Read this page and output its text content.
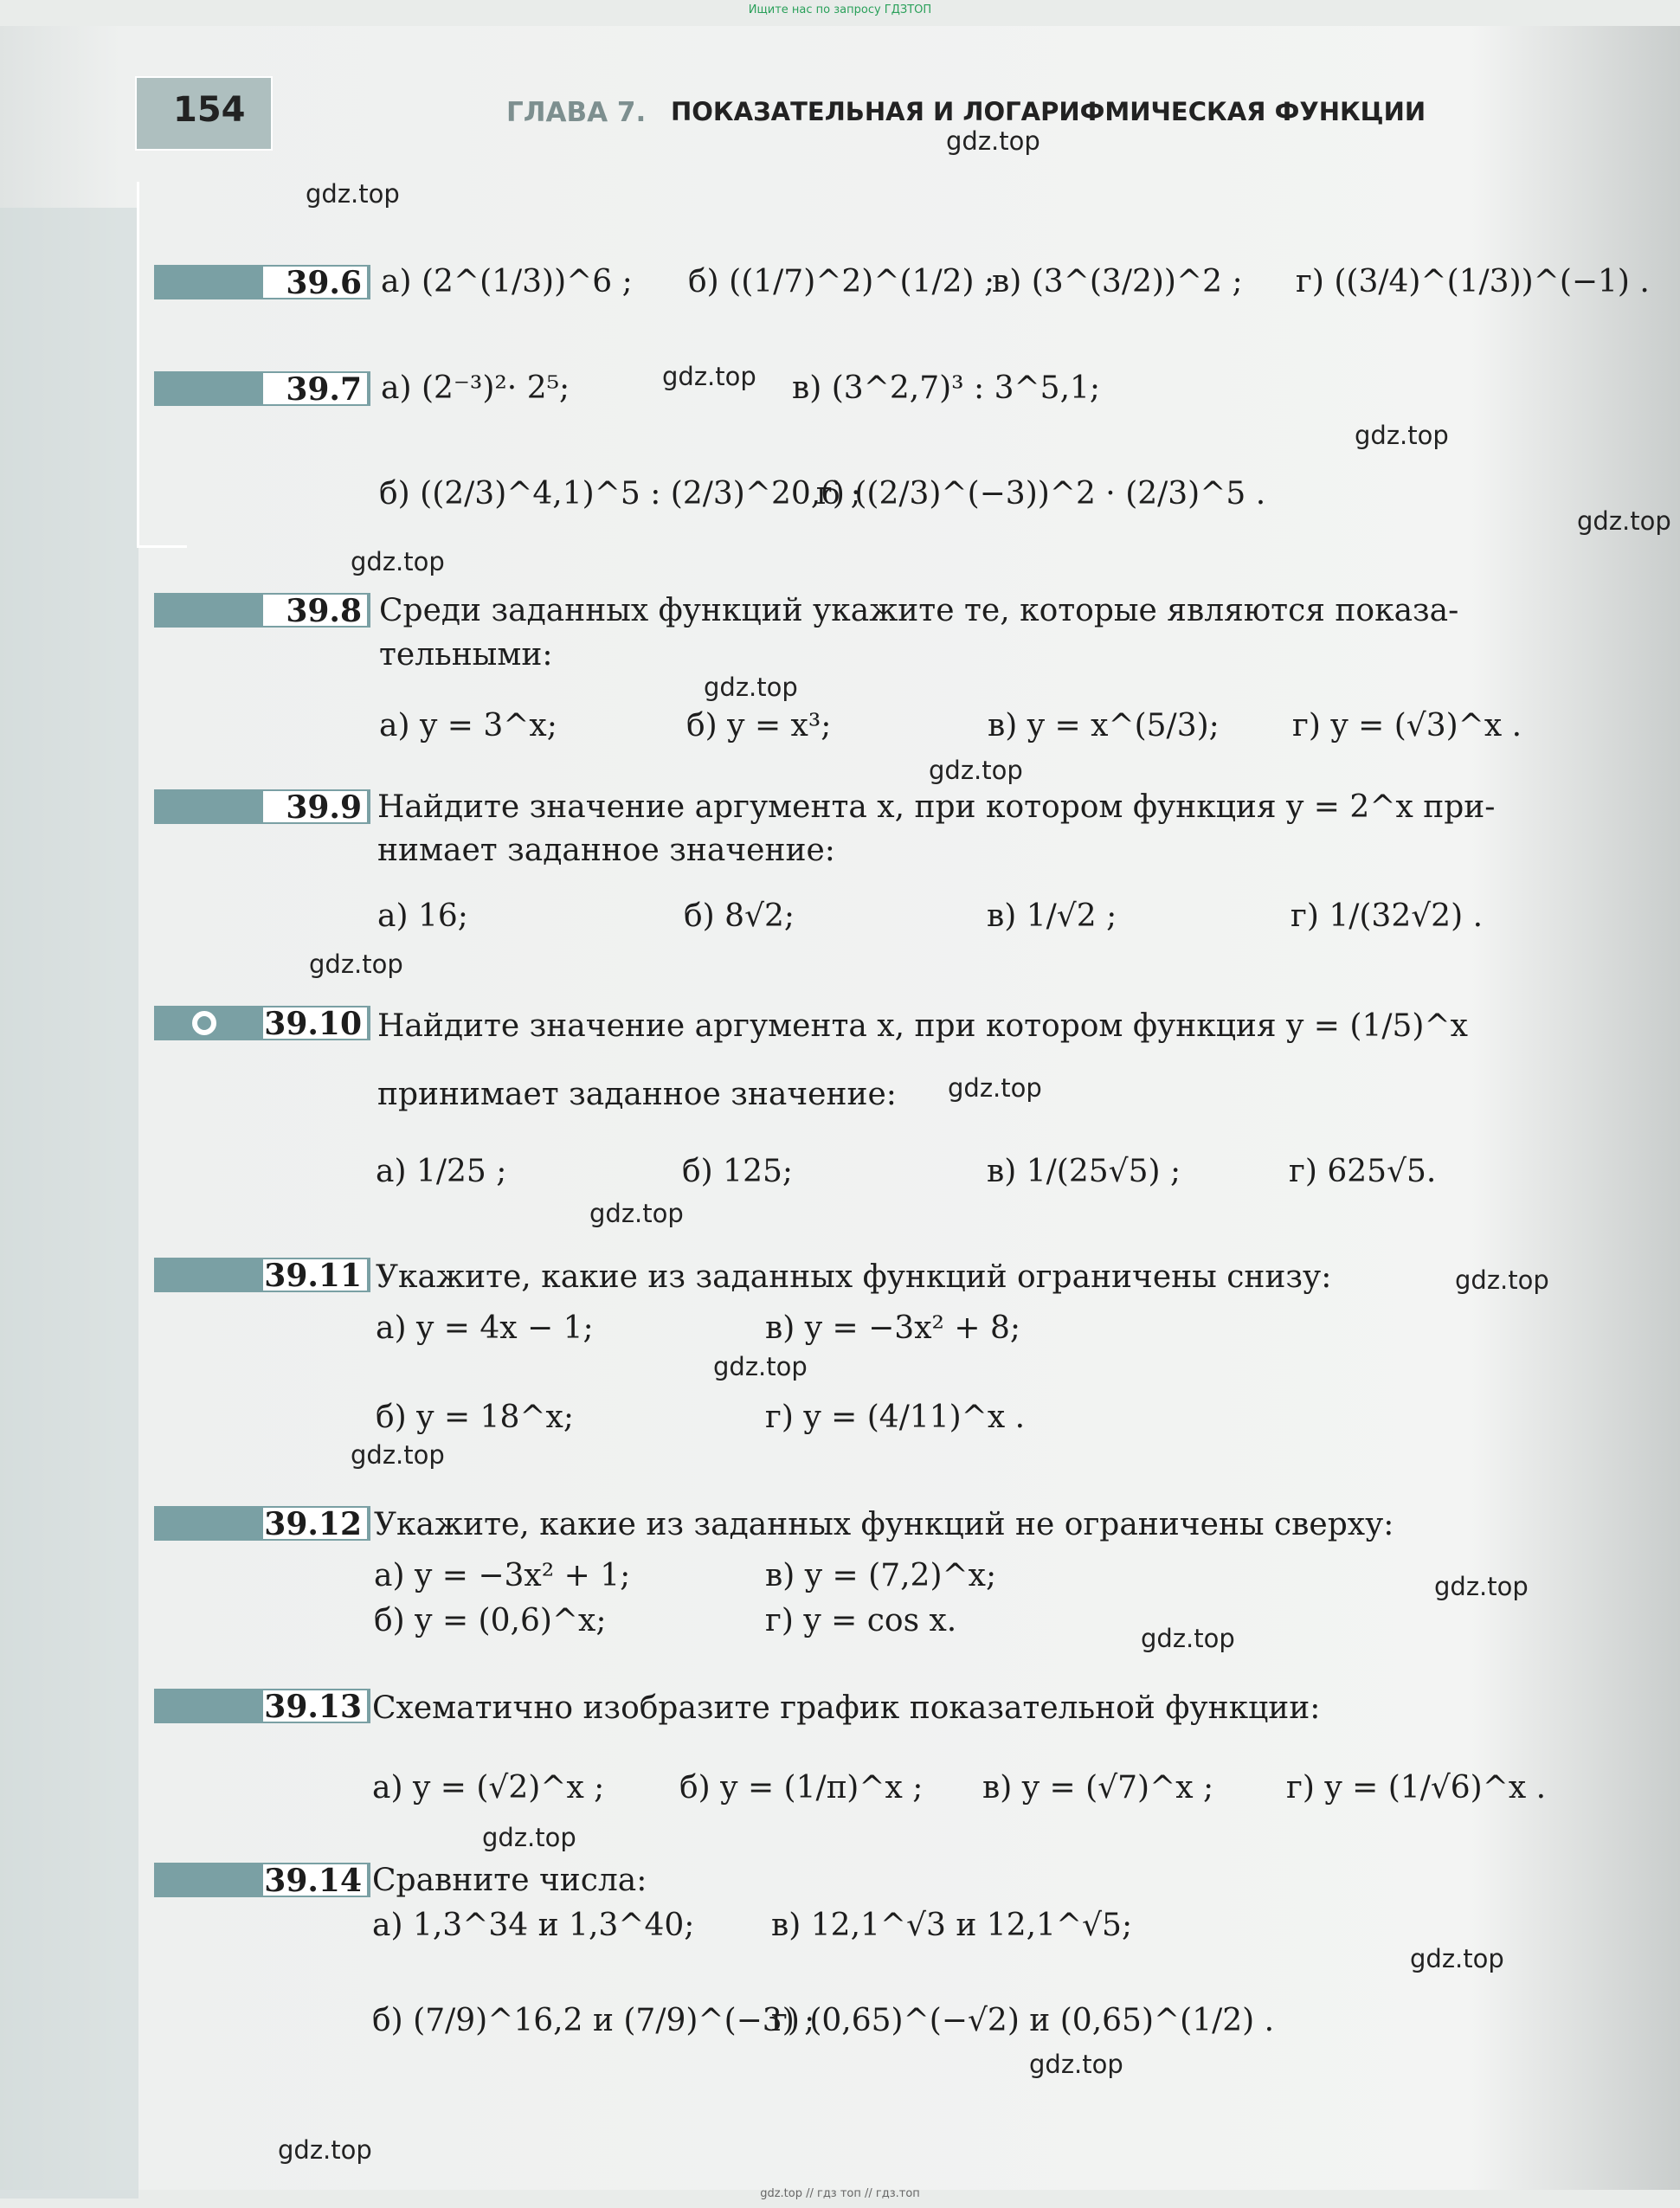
Ищите нас по запросу ГДЗТОП
154	ГЛАВА 7. ПОКАЗАТЕЛЬНАЯ И ЛОГАРИФМИЧЕСКАЯ ФУНКЦИИ
gdz.top
gdz.top
gdz.top
gdz.top
gdz.top
gdz.top
gdz.top
gdz.top
gdz.top
gdz.top
gdz.top
gdz.top
gdz.top
gdz.top
gdz.top
gdz.top
gdz.top
gdz.top
gdz.top
gdz.top
39.6 а) (2^(1/3))^6 ; б) ((1/7)^2)^(1/2) ;
в) (3^(3/2))^2 ; г) ((3/4)^(1/3))^(−1) .
39.7 а) (2⁻³)²· 2⁵;	в) (3^2,7)³ : 3^5,1;
б) ((2/3)^4,1)^5 : (2/3)^20,6 ;
г) ((2/3)^(−3))^2 · (2/3)^5 .
39.8 Среди заданных функций укажите те, которые являются показа-
тельными:
а) y = 3^x;	б) y = x³;	в) y = x^(5/3); г) y = (√3)^x .
39.9 Найдите значение аргумента x, при котором функция y = 2^x при-
нимает заданное значение:
а) 16;	б) 8√2;	в) 1/√2 ;	г) 1/(32√2) .
39.10 Найдите значение аргумента x, при котором функция y = (1/5)^x
принимает заданное значение:
а) 1/25 ;	б) 125;	в) 1/(25√5) ;	г) 625√5.
39.11 Укажите, какие из заданных функций ограничены снизу:
а) y = 4x − 1;	в) y = −3x² + 8;
б) y = 18^x;	г) y = (4/11)^x .
39.12 Укажите, какие из заданных функций не ограничены сверху:
а) y = −3x² + 1;	в) y = (7,2)^x;
б) y = (0,6)^x;	г) y = cos x.
39.13 Схематично изобразите график показательной функции:
а) y = (√2)^x ; б) y = (1/π)^x ; в) y = (√7)^x ; г) y = (1/√6)^x .
39.14 Сравните числа:
а) 1,3^34 и 1,3^40; в) 12,1^√3 и 12,1^√5;
б) (7/9)^16,2 и (7/9)^(−3) ;
г) (0,65)^(−√2) и (0,65)^(1/2) .
gdz.top // гдз топ // гдз.топ
